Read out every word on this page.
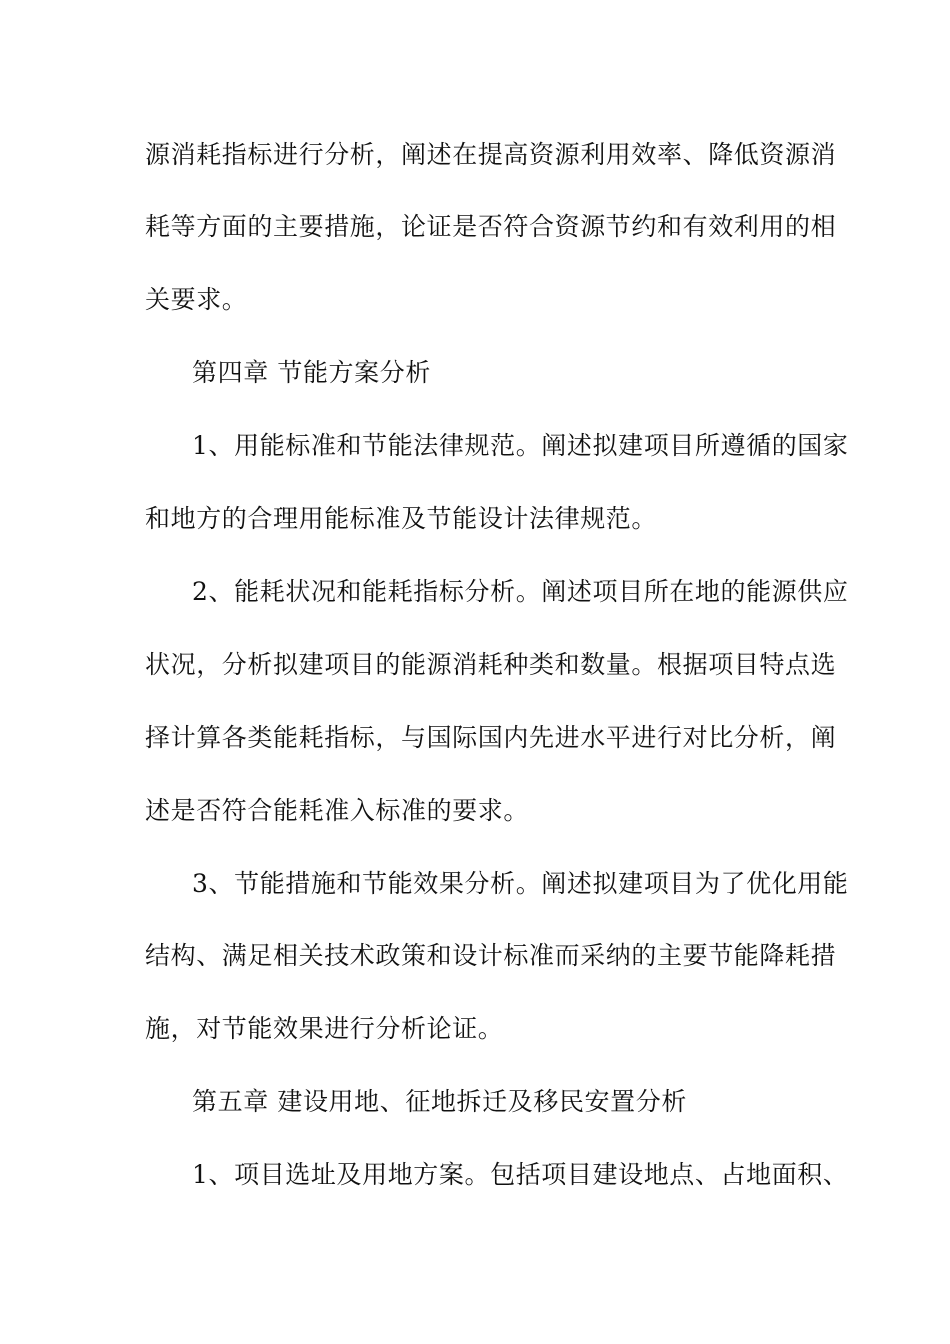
源消耗指标进行分析，阐述在提高资源利用效率、降低资源消
耗等方面的主要措施，论证是否符合资源节约和有效利用的相
关要求。
第四章 节能方案分析
1、用能标准和节能法律规范。阐述拟建项目所遵循的国家
和地方的合理用能标准及节能设计法律规范。
2、能耗状况和能耗指标分析。阐述项目所在地的能源供应
状况，分析拟建项目的能源消耗种类和数量。根据项目特点选
择计算各类能耗指标，与国际国内先进水平进行对比分析，阐
述是否符合能耗准入标准的要求。
3、节能措施和节能效果分析。阐述拟建项目为了优化用能
结构、满足相关技术政策和设计标准而采纳的主要节能降耗措
施，对节能效果进行分析论证。
第五章 建设用地、征地拆迁及移民安置分析
1、项目选址及用地方案。包括项目建设地点、占地面积、
